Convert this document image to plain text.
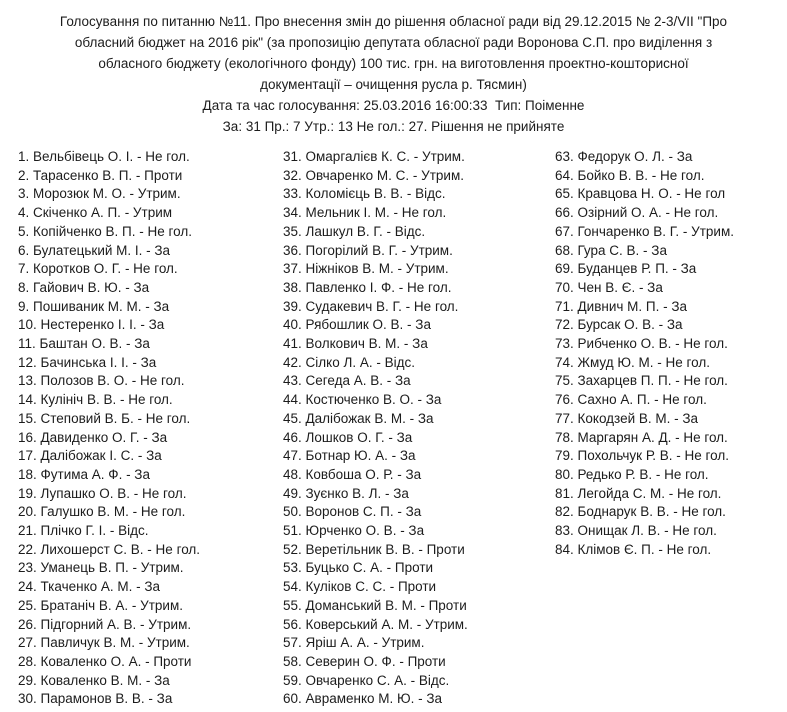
Голосування по питанню №11. Про внесення змін до рішення обласної ради від 29.12.2015 № 2-3/VII "Про
обласний бюджет на 2016 рік" (за пропозицію депутата обласної ради Воронова С.П. про виділення з
обласного бюджету (екологічного фонду) 100 тис. грн. на виготовлення проектно-кошторисної
документації – очищення русла р. Тясмин)
Дата та час голосування: 25.03.2016 16:00:33  Тип: Поіменне
За: 31 Пр.: 7 Утр.: 13 Не гол.: 27. Рішення не прийняте
1. Вельбівець О. І. - Не гол.
2. Тарасенко В. П. - Проти
3. Морозюк М. О. - Утрим.
4. Скіченко А. П. - Утрим
5. Копійченко В. П. - Не гол.
6. Булатецький М. І. - За
7. Коротков О. Г. - Не гол.
8. Гайович В. Ю. - За
9. Пошиваник М. М. - За
10. Нестеренко І. І. - За
11. Баштан О. В. - За
12. Бачинська І. І. - За
13. Полозов В. О. - Не гол.
14. Кулініч В. В. - Не гол.
15. Степовий В. Б. - Не гол.
16. Давиденко О. Г. - За
17. Далібожак І. С. - За
18. Футима А. Ф. - За
19. Лупашко О. В. - Не гол.
20. Галушко В. М. - Не гол.
21. Плічко Г. І. - Відс.
22. Лихошерст С. В. - Не гол.
23. Уманець В. П. - Утрим.
24. Ткаченко А. М. - За
25. Братаніч В. А. - Утрим.
26. Підгорний А. В. - Утрим.
27. Павличук В. М. - Утрим.
28. Коваленко О. А. - Проти
29. Коваленко В. М. - За
30. Парамонов В. В. - За
31. Омаргалієв К. С. - Утрим.
32. Овчаренко М. С. - Утрим.
33. Коломієць В. В. - Відс.
34. Мельник І. М. - Не гол.
35. Лашкул В. Г. - Відс.
36. Погорілий В. Г. - Утрим.
37. Ніжніков В. М. - Утрим.
38. Павленко І. Ф. - Не гол.
39. Судакевич В. Г. - Не гол.
40. Рябошлик О. В. - За
41. Волкович В. М. - За
42. Сілко Л. А. - Відс.
43. Сегеда А. В. - За
44. Костюченко В. О. - За
45. Далібожак В. М. - За
46. Лошков О. Г. - За
47. Ботнар Ю. А. - За
48. Ковбоша О. Р. - За
49. Зуєнко В. Л. - За
50. Воронов С. П. - За
51. Юрченко О. В. - За
52. Веретільник В. В. - Проти
53. Буцько С. А. - Проти
54. Куліков С. С. - Проти
55. Доманський В. М. - Проти
56. Коверський А. М. - Утрим.
57. Яріш А. А. - Утрим.
58. Северин О. Ф. - Проти
59. Овчаренко С. А. - Відс.
60. Авраменко М. Ю. - За
63. Федорук О. Л. - За
64. Бойко В. В. - Не гол.
65. Кравцова Н. О. - Не гол
66. Озірний О. А. - Не гол.
67. Гончаренко В. Г. - Утрим.
68. Гура С. В. - За
69. Буданцев Р. П. - За
70. Чен В. Є. - За
71. Дивнич М. П. - За
72. Бурсак О. В. - За
73. Рибченко О. В. - Не гол.
74. Жмуд Ю. М. - Не гол.
75. Захарцев П. П. - Не гол.
76. Сахно А. П. - Не гол.
77. Кокодзей В. М. - За
78. Маргарян А. Д. - Не гол.
79. Похольчук Р. В. - Не гол.
80. Редько Р. В. - Не гол.
81. Легойда С. М. - Не гол.
82. Боднарук В. В. - Не гол.
83. Онищак Л. В. - Не гол.
84. Клімов Є. П. - Не гол.
